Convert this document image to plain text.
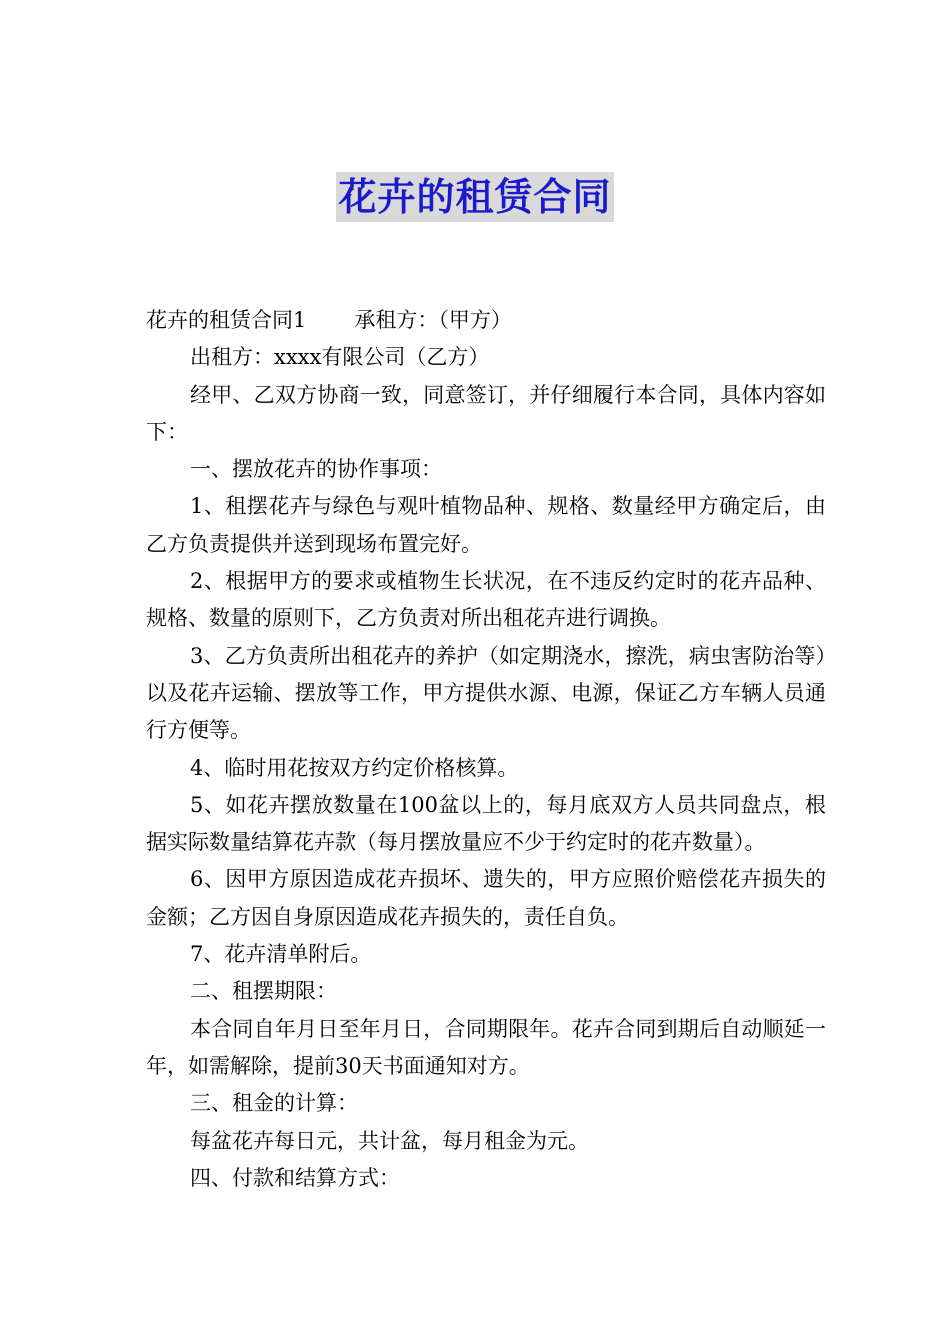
花卉的租赁合同

花卉的租赁合同1 承租方：（甲方）

出租方：xxxx有限公司（乙方）

经甲、乙双方协商一致，同意签订，并仔细履行本合同，具体内容如下：

一、摆放花卉的协作事项：

1、租摆花卉与绿色与观叶植物品种、规格、数量经甲方确定后，由乙方负责提供并送到现场布置完好。

2、根据甲方的要求或植物生长状况，在不违反约定时的花卉品种、规格、数量的原则下，乙方负责对所出租花卉进行调换。

3、乙方负责所出租花卉的养护（如定期浇水，擦洗，病虫害防治等）以及花卉运输、摆放等工作，甲方提供水源、电源，保证乙方车辆人员通行方便等。

4、临时用花按双方约定价格核算。

5、如花卉摆放数量在100盆以上的，每月底双方人员共同盘点，根据实际数量结算花卉款（每月摆放量应不少于约定时的花卉数量）。

6、因甲方原因造成花卉损坏、遗失的，甲方应照价赔偿花卉损失的金额；乙方因自身原因造成花卉损失的，责任自负。

7、花卉清单附后。

二、租摆期限：

本合同自年月日至年月日，合同期限年。花卉合同到期后自动顺延一年，如需解除，提前30天书面通知对方。

三、租金的计算：

每盆花卉每日元，共计盆，每月租金为元。

四、付款和结算方式：
